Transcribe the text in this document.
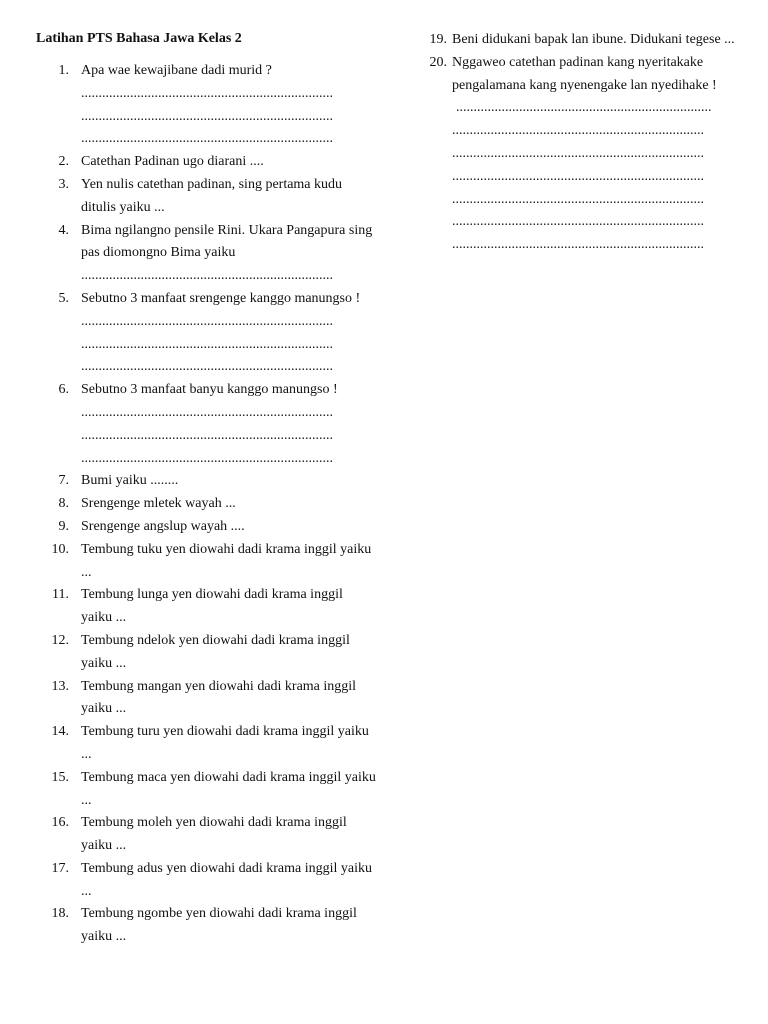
Latihan PTS Bahasa Jawa Kelas 2
1. Apa wae kewajibane dadi murid ?
........................................................................
........................................................................
........................................................................
2. Catethan Padinan ugo diarani ....
3. Yen nulis catethan padinan, sing pertama kudu ditulis yaiku ...
4. Bima ngilangno pensile Rini. Ukara Pangapura sing pas diomongno Bima yaiku
........................................................................
5. Sebutno 3 manfaat srengenge kanggo manungso !
........................................................................
........................................................................
........................................................................
6. Sebutno 3 manfaat banyu kanggo manungso !
........................................................................
........................................................................
........................................................................
7. Bumi yaiku ........
8. Srengenge mletek wayah ...
9. Srengenge angslup wayah ....
10. Tembung tuku yen diowahi dadi krama inggil yaiku ...
11. Tembung lunga yen diowahi dadi krama inggil yaiku ...
12. Tembung ndelok yen diowahi dadi krama inggil yaiku ...
13. Tembung mangan yen diowahi dadi krama inggil yaiku ...
14. Tembung turu yen diowahi dadi krama inggil yaiku ...
15. Tembung maca yen diowahi dadi krama inggil yaiku ...
16. Tembung moleh yen diowahi dadi krama inggil yaiku ...
17. Tembung adus yen diowahi dadi krama inggil yaiku ...
18. Tembung ngombe yen diowahi dadi krama inggil yaiku ...
19. Beni didukani bapak lan ibune. Didukani tegese ...
20. Nggaweo catethan padinan kang nyeritakake pengalamana kang nyenengake lan nyedihake !
.........................................................................
........................................................................
........................................................................
........................................................................
........................................................................
........................................................................
........................................................................
